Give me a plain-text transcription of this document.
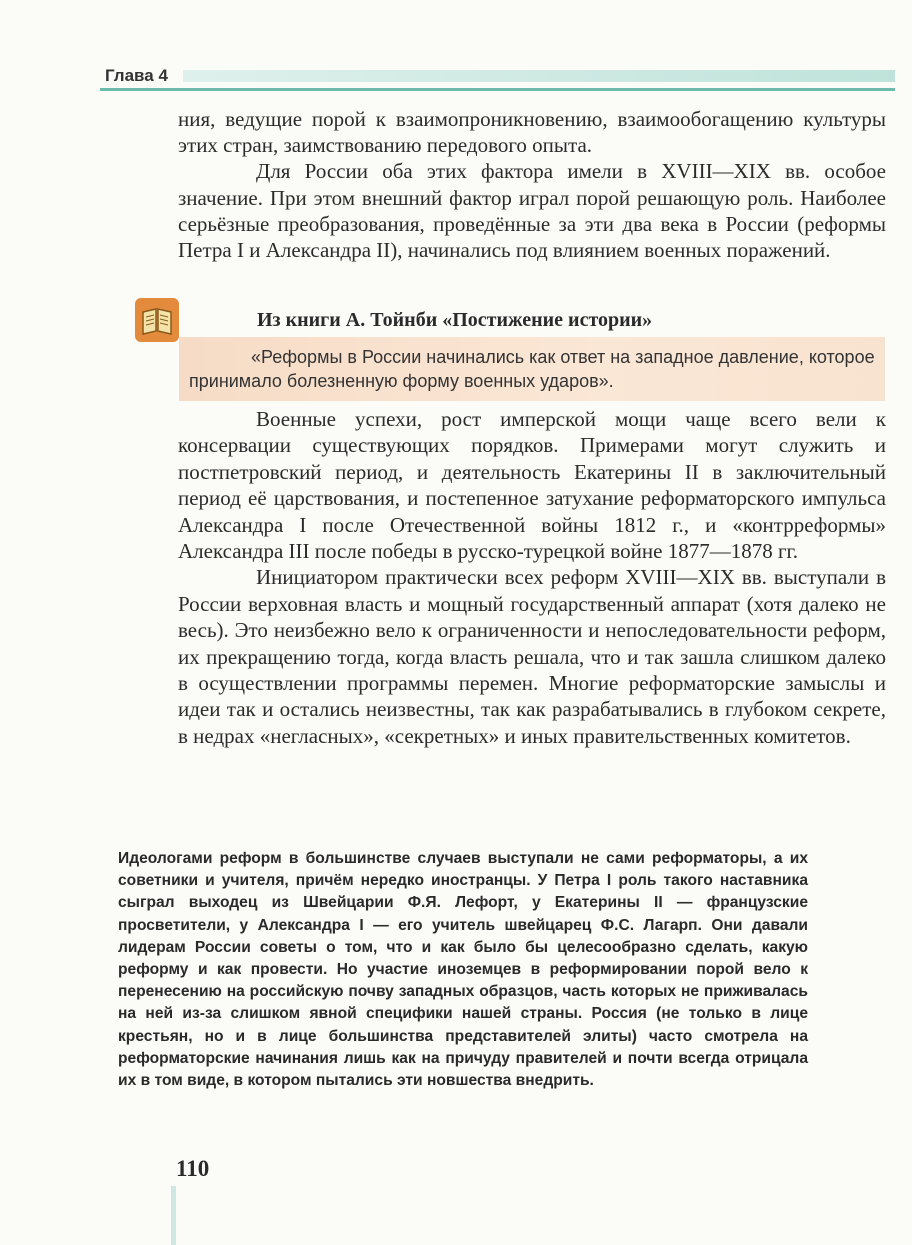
Глава 4

ния, ведущие порой к взаимопроникновению, взаимообогащению культуры этих стран, заимствованию передового опыта.

Для России оба этих фактора имели в XVIII—XIX вв. особое значение. При этом внешний фактор играл порой решающую роль. Наиболее серьёзные преобразования, проведённые за эти два века в России (реформы Петра I и Александра II), начинались под влиянием военных поражений.

Из книги А. Тойнби «Постижение истории»
«Реформы в России начинались как ответ на западное давление, которое принимало болезненную форму военных ударов».

Военные успехи, рост имперской мощи чаще всего вели к консервации существующих порядков. Примерами могут служить и постпетровский период, и деятельность Екатерины II в заключительный период её царствования, и постепенное затухание реформаторского импульса Александра I после Отечественной войны 1812 г., и «контрреформы» Александра III после победы в русско-турецкой войне 1877—1878 гг.

Инициатором практически всех реформ XVIII—XIX вв. выступали в России верховная власть и мощный государственный аппарат (хотя далеко не весь). Это неизбежно вело к ограниченности и непоследовательности реформ, их прекращению тогда, когда власть решала, что и так зашла слишком далеко в осуществлении программы перемен. Многие реформаторские замыслы и идеи так и остались неизвестны, так как разрабатывались в глубоком секрете, в недрах «негласных», «секретных» и иных правительственных комитетов.

Идеологами реформ в большинстве случаев выступали не сами реформаторы, а их советники и учителя, причём нередко иностранцы. У Петра I роль такого наставника сыграл выходец из Швейцарии Ф.Я. Лефорт, у Екатерины II — французские просветители, у Александра I — его учитель швейцарец Ф.С. Лагарп. Они давали лидерам России советы о том, что и как было бы целесообразно сделать, какую реформу и как провести. Но участие иноземцев в реформировании порой вело к перенесению на российскую почву западных образцов, часть которых не приживалась на ней из-за слишком явной специфики нашей страны. Россия (не только в лице крестьян, но и в лице большинства представителей элиты) часто смотрела на реформаторские начинания лишь как на причуду правителей и почти всегда отрицала их в том виде, в котором пытались эти новшества внедрить.
110
